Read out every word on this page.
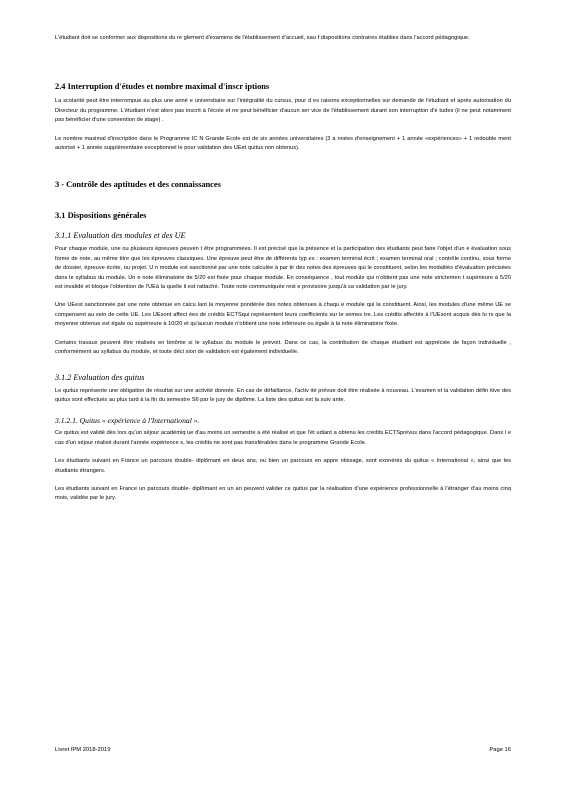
L'étudiant doit se conformer aux dispositions du re glement d'examens de l'établissement d'accueil, sau f dispositions contraires établies dans l'accord pédagogique.

2.4 Interruption d'études et nombre maximal d'inscr iptions

La scolarité peut être interrompue au plus une anné e universitaire sur l'intégralité du cursus, pour d es raisons exceptionnelles sur demande de l'étudiant et après autorisation du Directeur du programme. L'étudiant n'est alors pas inscrit à l'école et ne peut bénéficier d'aucun ser vice de l'établissement durant son interruption d'é tudes (il ne peut notamment pas bénéficier d'une convention de stage) .

Le nombre maximal d'inscription dans le Programme IC N Grande Ecole est de six années universitaires (3 a nnées d'enseignement + 1 année «expériences» + 1 redouble ment autorisé + 1 année supplémentaire exceptionnel le pour validation des UEet quitus non obtenus).

3 - Contrôle des aptitudes et des connaissances
3.1 Dispositions générales
3.1.1 Evaluation des modules et des UE

Pour chaque module, une ou plusieurs épreuves peuven t être programmées. Il est précisé que la présence et la participation des étudiants peut faire l'objet d'un e évaluation sous forme de note, au même titre que les épreuves classiques. Une épreuve peut être de différents typ es : examen terminal écrit ; examen terminal oral ; contrôle continu, sous forme de dossier, épreuve écrite, ou projet. U n module est sanctionné par une note calculée à par tir des notes des épreuves qui le constituent, selon les modalités d'évaluation précisées dans le syllabus du module. Un e note éliminatoire de 5/20 est fixée pour chaque module. En conséquence , tout module qui n'obtient pas une note strictemen t supérieure à 5/20 est invalidé et bloque l'obtention de l'UEà la quelle il est rattaché. Toute note communiquée rest e provisoire jusqu'à sa validation par le jury.

Une UEest sanctionnée par une note obtenue en calcu lant la moyenne pondérée des notes obtenues à chaqu e module qui la constituent. Ainsi, les modules d'une même UE se compensent au sein de cette UE. Les UEsont affect ées de crédits ECTSqui représentent leurs coefficients sur le semes tre. Les crédits affectés à l'UEsont acquis dès lo rs que la moyenne obtenue est égale ou supérieure à 10/20 et qu'aucun module n'obtient une note inférieure ou égale à la note éliminatoire fixée.

Certains travaux peuvent être réalisés en binôme si le syllabus du module le prévoit. Dans ce cas, la contribution de chaque étudiant est appréciée de façon individuelle , conformément au syllabus du module, et toute déci sion de validation est également individuelle.

3.1.2 Evaluation des quitus

Le quitus représente une obligation de résultat sur une activité donnée. En cas de défaillance, l'activ ité prévue doit être réalisée à nouveau. L'examen et la validation défin itive des quitus sont effectués au plus tard à la fin du semestre S6 par le jury de diplôme. La liste des quitus est la suiv ante.

3.1.2.1. Quitus « expérience à l'International ».

Ce quitus est validé dès lors qu'un séjour académiq ue d'au moins un semestre a été réalisé et que l'ét udiant a obtenu les crédits ECTSprévus dans l'accord pédagogique. Dans l e cas d'un séjour réalisé durant l'année expérience s, les crédits ne sont pas transférables dans le programme Grande Ecole.

Les étudiants suivant en France un parcours double- diplômant en deux ans, ou bien un parcours en appre ntissage, sont exonérés du quitus « International », ainsi que les étudiants étrangers.

Les étudiants suivant en France un parcours double- diplômant en un an peuvent valider ce quitus par la réalisation d'une expérience professionnelle à l'étranger d'au moins cinq mois, validée par le jury.

Livret IPM 2018-2019	Page 16
